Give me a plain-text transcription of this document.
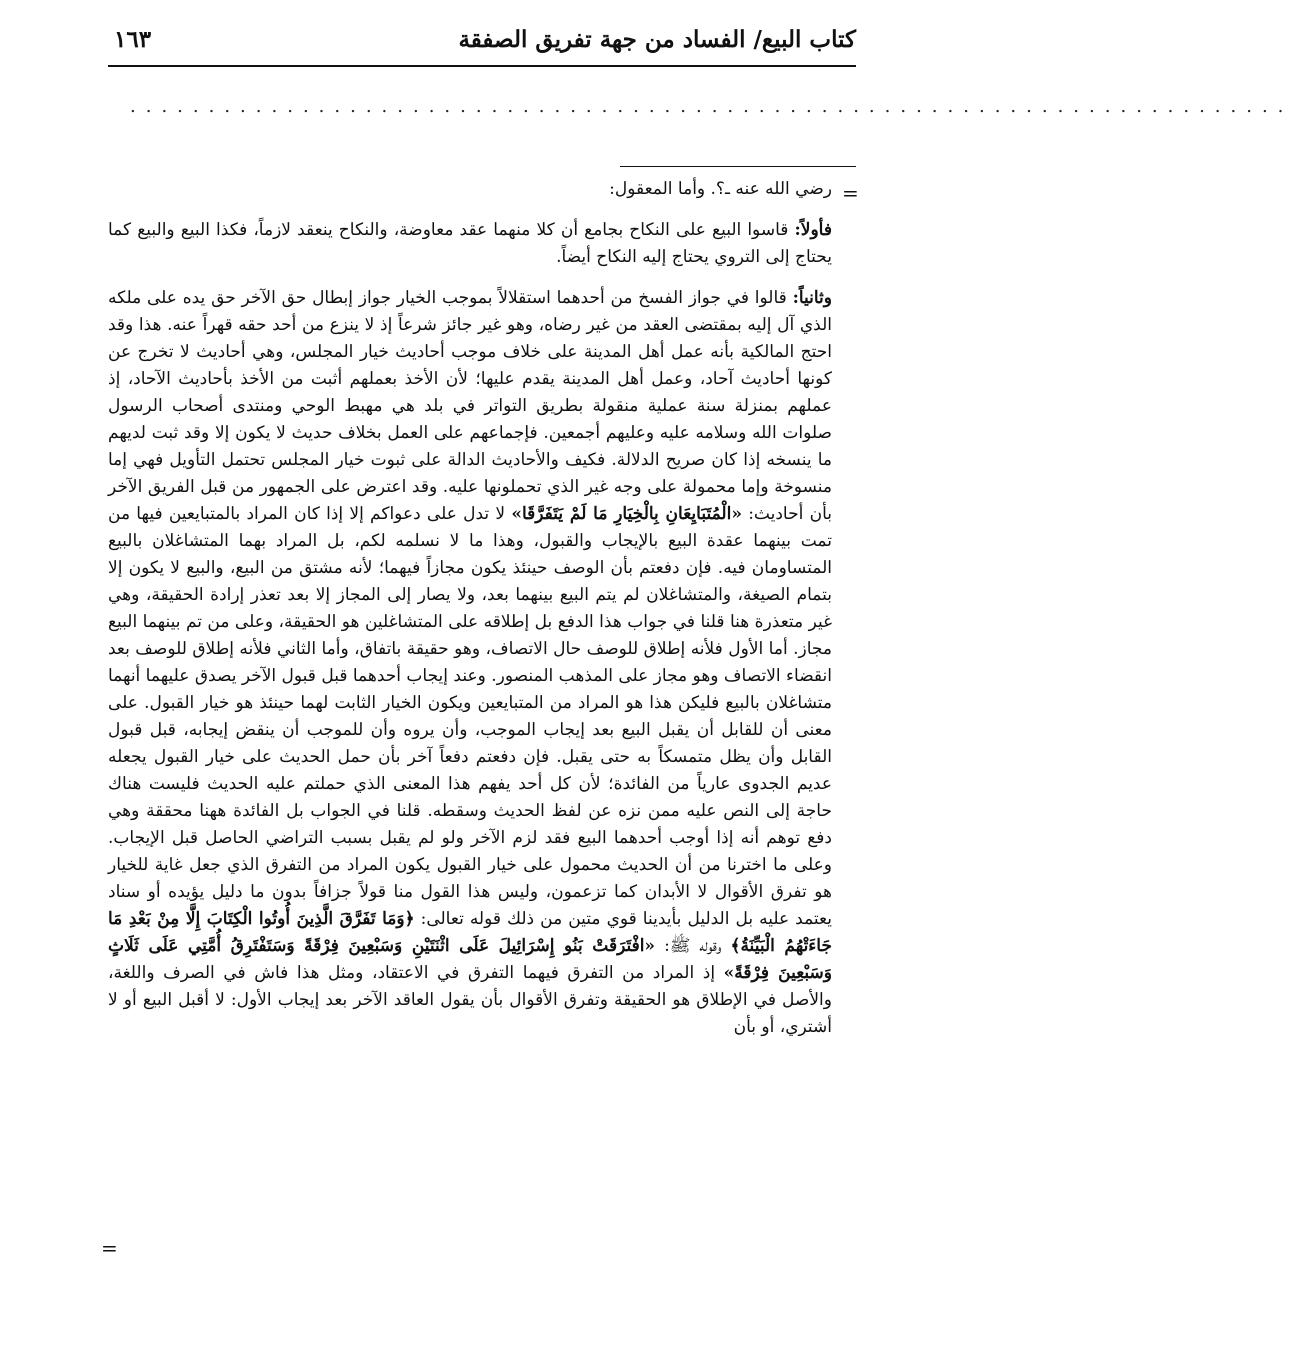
كتاب البيع/ الفساد من جهة تفريق الصفقة
١٦٣
..........................................................................
=

رضي الله عنه ـ؟. وأما المعقول:

فأولاً: قاسوا البيع على النكاح بجامع أن كلا منهما عقد معاوضة، والنكاح ينعقد لازماً، فكذا البيع والبيع كما يحتاج إلى التروي يحتاج إليه النكاح أيضاً.

وثانياً: قالوا في جواز الفسخ من أحدهما استقلالاً بموجب الخيار جواز إبطال حق الآخر حق يده على ملكه الذي آل إليه بمقتضى العقد من غير رضاه، وهو غير جائز شرعاً إذ لا ينزع من أحد حقه قهراً عنه. هذا وقد احتج المالكية بأنه عمل أهل المدينة على خلاف موجب أحاديث خيار المجلس، وهي أحاديث لا تخرج عن كونها أحاديث آحاد، وعمل أهل المدينة يقدم عليها؛ لأن الأخذ بعملهم أثبت من الأخذ بأحاديث الآحاد، إذ عملهم بمنزلة سنة عملية منقولة بطريق التواتر في بلد هي مهبط الوحي ومنتدى أصحاب الرسول صلوات الله وسلامه عليه وعليهم أجمعين. فإجماعهم على العمل بخلاف حديث لا يكون إلا وقد ثبت لديهم ما ينسخه إذا كان صريح الدلالة. فكيف والأحاديث الدالة على ثبوت خيار المجلس تحتمل التأويل فهي إما منسوخة وإما محمولة على وجه غير الذي تحملونها عليه. وقد اعترض على الجمهور من قبل الفريق الآخر بأن أحاديث: «الْمُتَبَايِعَانِ بِالْخِيَارِ مَا لَمْ يَتَفَرَّقَا» لا تدل على دعواكم إلا إذا كان المراد بالمتبايعين فيها من تمت بينهما عقدة البيع بالإيجاب والقبول، وهذا ما لا نسلمه لكم، بل المراد بهما المتشاغلان بالبيع المتساومان فيه. فإن دفعتم بأن الوصف حينئذ يكون مجازاً فيهما؛ لأنه مشتق من البيع، والبيع لا يكون إلا بتمام الصيغة، والمتشاغلان لم يتم البيع بينهما بعد، ولا يصار إلى المجاز إلا بعد تعذر إرادة الحقيقة، وهي غير متعذرة هنا قلنا في جواب هذا الدفع بل إطلاقه على المتشاغلين هو الحقيقة، وعلى من تم بينهما البيع مجاز. أما الأول فلأنه إطلاق للوصف حال الاتصاف، وهو حقيقة باتفاق، وأما الثاني فلأنه إطلاق للوصف بعد انقضاء الاتصاف وهو مجاز على المذهب المنصور. وعند إيجاب أحدهما قبل قبول الآخر يصدق عليهما أنهما متشاغلان بالبيع فليكن هذا هو المراد من المتبايعين ويكون الخيار الثابت لهما حينئذ هو خيار القبول. على معنى أن للقابل أن يقبل البيع بعد إيجاب الموجب، وأن يروه وأن للموجب أن ينقض إيجابه، قبل قبول القابل وأن يظل متمسكاً به حتى يقبل. فإن دفعتم دفعاً آخر بأن حمل الحديث على خيار القبول يجعله عديم الجدوى عارياً من الفائدة؛ لأن كل أحد يفهم هذا المعنى الذي حملتم عليه الحديث فليست هناك حاجة إلى النص عليه ممن نزه عن لفظ الحديث وسقطه. قلنا في الجواب بل الفائدة ههنا محققة وهي دفع توهم أنه إذا أوجب أحدهما البيع فقد لزم الآخر ولو لم يقبل بسبب التراضي الحاصل قبل الإيجاب. وعلى ما اخترنا من أن الحديث محمول على خيار القبول يكون المراد من التفرق الذي جعل غاية للخيار هو تفرق الأقوال لا الأبدان كما تزعمون، وليس هذا القول منا قولاً جزافاً بدون ما دليل يؤيده أو سناد يعتمد عليه بل الدليل بأيدينا قوي متين من ذلك قوله تعالى: ﴿وَمَا تَفَرَّقَ الَّذِينَ أُوتُوا الْكِتَابَ إِلَّا مِنْ بَعْدِ مَا جَاءَتْهُمُ الْبَيِّنَةُ﴾ وقوله ﷺ: «افْتَرَقَتْ بَنُو إِسْرَائِيلَ عَلَى اثْنَتَيْنِ وَسَبْعِينَ فِرْقَةً وَسَتَفْتَرِقُ أُمَّتِي عَلَى ثَلَاثٍ وَسَبْعِينَ فِرْقَةً» إذ المراد من التفرق فيهما التفرق في الاعتقاد، ومثل هذا فاش في الصرف واللغة، والأصل في الإطلاق هو الحقيقة وتفرق الأقوال بأن يقول العاقد الآخر بعد إيجاب الأول: لا أقبل البيع أو لا أشتري، أو بأن

=
